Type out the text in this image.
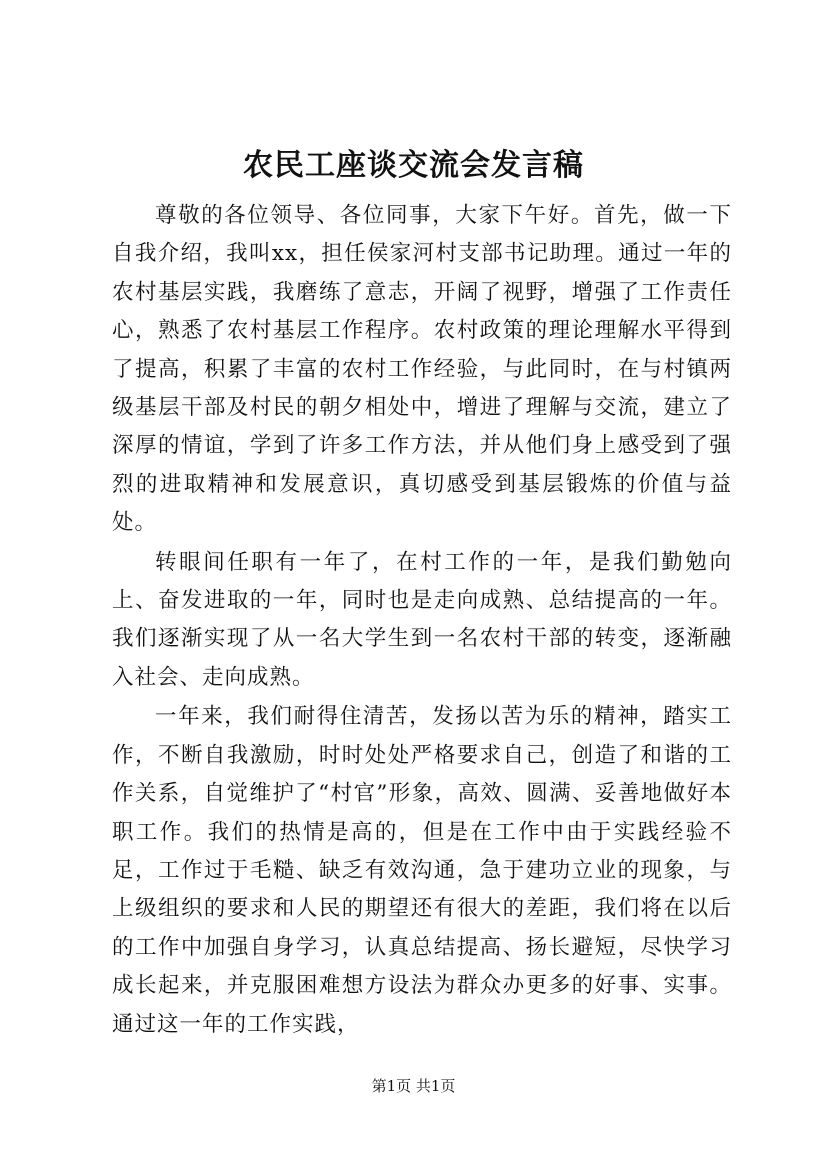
农民工座谈交流会发言稿

尊敬的各位领导、各位同事，大家下午好。首先，做一下自我介绍，我叫xx，担任侯家河村支部书记助理。通过一年的农村基层实践，我磨练了意志，开阔了视野，增强了工作责任心，熟悉了农村基层工作程序。农村政策的理论理解水平得到了提高，积累了丰富的农村工作经验，与此同时，在与村镇两级基层干部及村民的朝夕相处中，增进了理解与交流，建立了深厚的情谊，学到了许多工作方法，并从他们身上感受到了强烈的进取精神和发展意识，真切感受到基层锻炼的价值与益处。

转眼间任职有一年了，在村工作的一年，是我们勤勉向上、奋发进取的一年，同时也是走向成熟、总结提高的一年。我们逐渐实现了从一名大学生到一名农村干部的转变，逐渐融入社会、走向成熟。

一年来，我们耐得住清苦，发扬以苦为乐的精神，踏实工作，不断自我激励，时时处处严格要求自己，创造了和谐的工作关系，自觉维护了“村官”形象，高效、圆满、妥善地做好本职工作。我们的热情是高的，但是在工作中由于实践经验不足，工作过于毛糙、缺乏有效沟通，急于建功立业的现象，与上级组织的要求和人民的期望还有很大的差距，我们将在以后的工作中加强自身学习，认真总结提高、扬长避短，尽快学习成长起来，并克服困难想方设法为群众办更多的好事、实事。通过这一年的工作实践，

第1页 共1页
